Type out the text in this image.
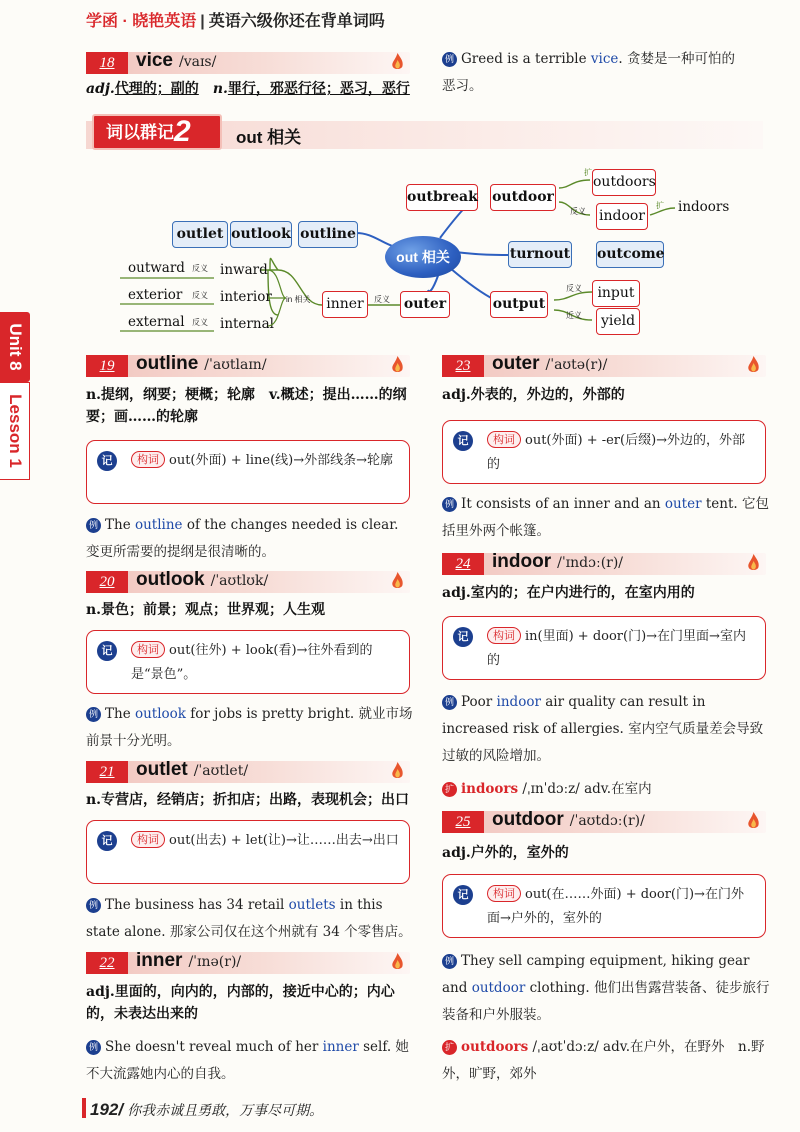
学函 · 晓艳英语 | 英语六级你还在背单词吗
18	vice /vaɪs/
adj.代理的；副的　 n.罪行，邪恶行径；恶习，恶行
例 Greed is a terrible vice. 贪婪是一种可怕的
恶习。
词以群记2	out 相关
out 相关
outlet outlook outline
turnout outcome
outbreak outdoor
outdoors
indoor
indoors
inner	outer	output
input
yield
扩
反义
扩
反义
近义
反义
in 相关
outward 反义 inward
exterior 反义 interior
external 反义 internal
Unit 8
Lesson 1
19	outline /ˈaʊtlaɪn/
n.提纲，纲要；梗概；轮廓　v.概述；提出……的纲要；画……的轮廓
记	构词 out(外面) + line(线)→外部线条→轮廓
例 The outline of the changes needed is clear. 变更所需要的提纲是很清晰的。
20	outlook /ˈaʊtlʊk/
n.景色；前景；观点；世界观；人生观
记	构词 out(往外) + look(看)→往外看到的是“景色”。
例 The outlook for jobs is pretty bright. 就业市场前景十分光明。
21	outlet /ˈaʊtlet/
n.专营店，经销店；折扣店；出路，表现机会；出口
记	构词 out(出去) + let(让)→让……出去→出口
例 The business has 34 retail outlets in this state alone. 那家公司仅在这个州就有 34 个零售店。
22	inner /ˈɪnə(r)/
adj.里面的，向内的，内部的，接近中心的；内心的，未表达出来的
例 She doesn't reveal much of her inner self. 她不大流露她内心的自我。
23	outer /ˈaʊtə(r)/
adj.外表的，外边的，外部的
记	构词 out(外面) + -er(后缀)→外边的，外部的
例 It consists of an inner and an outer tent. 它包括里外两个帐篷。
24	indoor /ˈɪndɔː(r)/
adj.室内的；在户内进行的，在室内用的
记	构词 in(里面) + door(门)→在门里面→室内的
例 Poor indoor air quality can result in increased risk of allergies. 室内空气质量差会导致过敏的风险增加。
扩 indoors /ˌɪnˈdɔːz/ adv.在室内
25	outdoor /ˈaʊtdɔː(r)/
adj.户外的，室外的
记	构词 out(在……外面) + door(门)→在门外面→户外的，室外的
例 They sell camping equipment, hiking gear and outdoor clothing. 他们出售露营装备、徒步旅行装备和户外服装。
扩 outdoors /ˌaʊtˈdɔːz/ adv.在户外，在野外　n.野外，旷野，郊外
192/ 你我赤诚且勇敢，万事尽可期。
